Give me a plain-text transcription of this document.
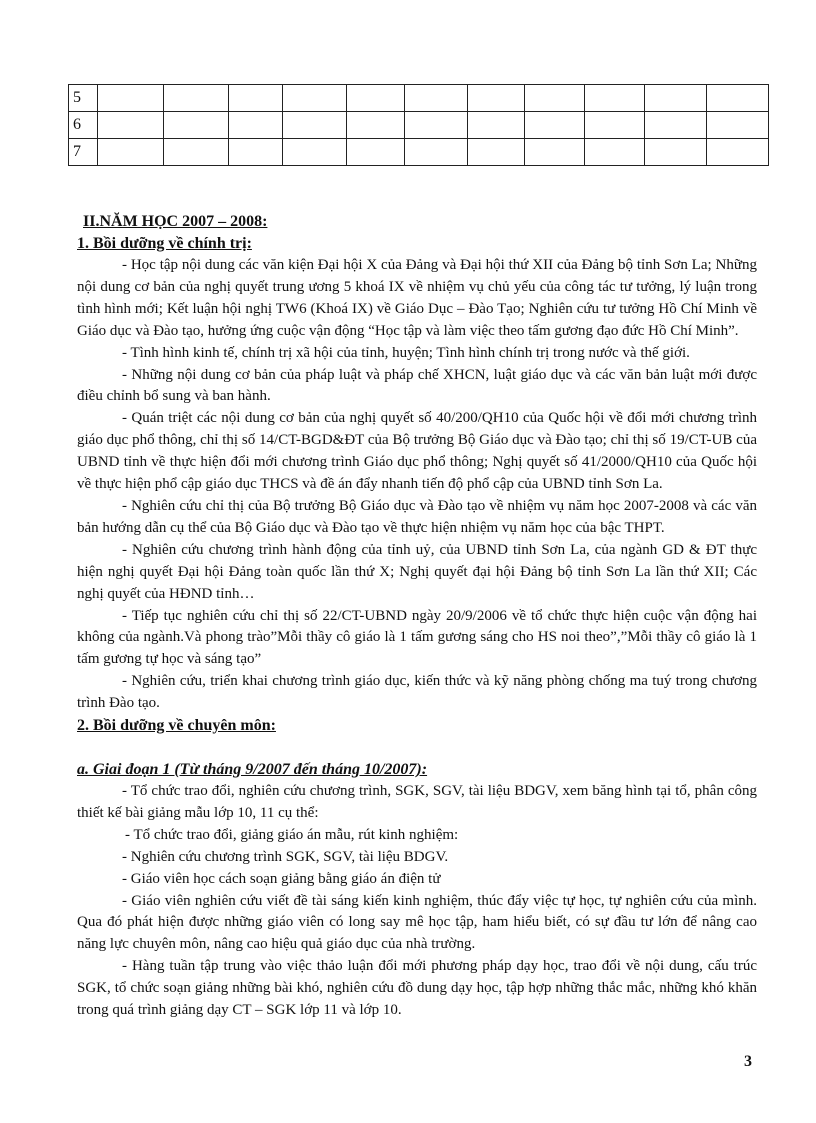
5											
6											
7											

II.NĂM HỌC 2007 – 2008:

1. Bồi dưỡng về chính trị:

- Học tập nội dung các văn kiện Đại hội X của Đảng và Đại hội thứ XII của Đảng bộ tỉnh Sơn La; Những nội dung cơ bản của nghị quyết trung ương 5 khoá IX về nhiệm vụ chủ yếu của công tác tư tưởng, lý luận trong tình hình mới; Kết luận hội nghị TW6 (Khoá IX) về Giáo Dục – Đào Tạo; Nghiên cứu tư tưởng Hồ Chí Minh về Giáo dục và Đào tạo, hưởng ứng cuộc vận động “Học tập và làm việc theo tấm gương đạo đức Hồ Chí Minh”.

- Tình hình kinh tế, chính trị xã hội của tỉnh, huyện; Tình hình chính trị trong nước và thế giới.

- Những nội dung cơ bản của pháp luật và pháp chế XHCN, luật giáo dục và các văn bản luật mới được điều chỉnh bổ sung và ban hành.

- Quán triệt các nội dung cơ bản của nghị quyết số 40/200/QH10 của Quốc hội về đổi mới chương trình giáo dục phổ thông, chỉ thị số 14/CT-BGD&ĐT của Bộ trưởng Bộ Giáo dục và Đào tạo; chỉ thị số 19/CT-UB của UBND tỉnh về thực hiện đổi mới chương trình Giáo dục phổ thông; Nghị quyết số 41/2000/QH10 của Quốc hội về thực hiện phổ cập giáo dục THCS và đề án đẩy nhanh tiến độ phổ cập của UBND tỉnh Sơn La.

- Nghiên cứu chỉ thị của Bộ trưởng Bộ Giáo dục và Đào tạo về nhiệm vụ năm học 2007-2008 và các văn bản hướng dẫn cụ thể của Bộ Giáo dục và Đào tạo về thực hiện nhiệm vụ năm học của bậc THPT.

- Nghiên cứu chương trình hành động của tỉnh uỷ, của UBND tỉnh Sơn La, của ngành GD & ĐT thực hiện nghị quyết Đại hội Đảng toàn quốc lần thứ X; Nghị quyết đại hội Đảng bộ tỉnh Sơn La lần thứ XII; Các nghị quyết của HĐND tỉnh…

- Tiếp tục nghiên cứu chỉ thị số 22/CT-UBND ngày 20/9/2006 về tổ chức thực hiện cuộc vận động hai không của ngành.Và phong trào”Mỗi thầy cô giáo là 1 tấm gương sáng cho HS noi theo”,”Mỗi thầy cô giáo là 1 tấm gương tự học và sáng tạo”

- Nghiên cứu, triển khai chương trình giáo dục, kiến thức và kỹ năng phòng chống ma tuý trong chương trình Đào tạo.

2. Bồi dưỡng về chuyên môn:

a. Giai đoạn 1 (Từ tháng 9/2007 đến tháng 10/2007):

- Tổ chức trao đổi, nghiên cứu chương trình, SGK, SGV, tài liệu BDGV, xem băng hình tại tổ, phân công thiết kế bài giảng mẫu lớp 10, 11 cụ thể:

- Tổ chức trao đổi, giảng giáo án mẫu, rút kinh nghiệm:

- Nghiên cứu chương trình SGK, SGV, tài liệu BDGV.

- Giáo viên học cách soạn giảng bằng giáo án điện tử

- Giáo viên nghiên cứu viết đề tài sáng kiến kinh nghiệm, thúc đẩy việc tự học, tự nghiên cứu của mình. Qua đó phát hiện được những giáo viên có long say mê học tập, ham hiểu biết, có sự đầu tư lớn để nâng cao năng lực chuyên môn, nâng cao hiệu quả giáo dục của nhà trường.

- Hàng tuần tập trung vào việc thảo luận đổi mới phương pháp dạy học, trao đổi về nội dung, cấu trúc SGK, tổ chức soạn giảng những bài khó, nghiên cứu đồ dung dạy học, tập hợp những thắc mắc, những khó khăn trong quá trình giảng dạy CT – SGK lớp 11 và lớp 10.

3
